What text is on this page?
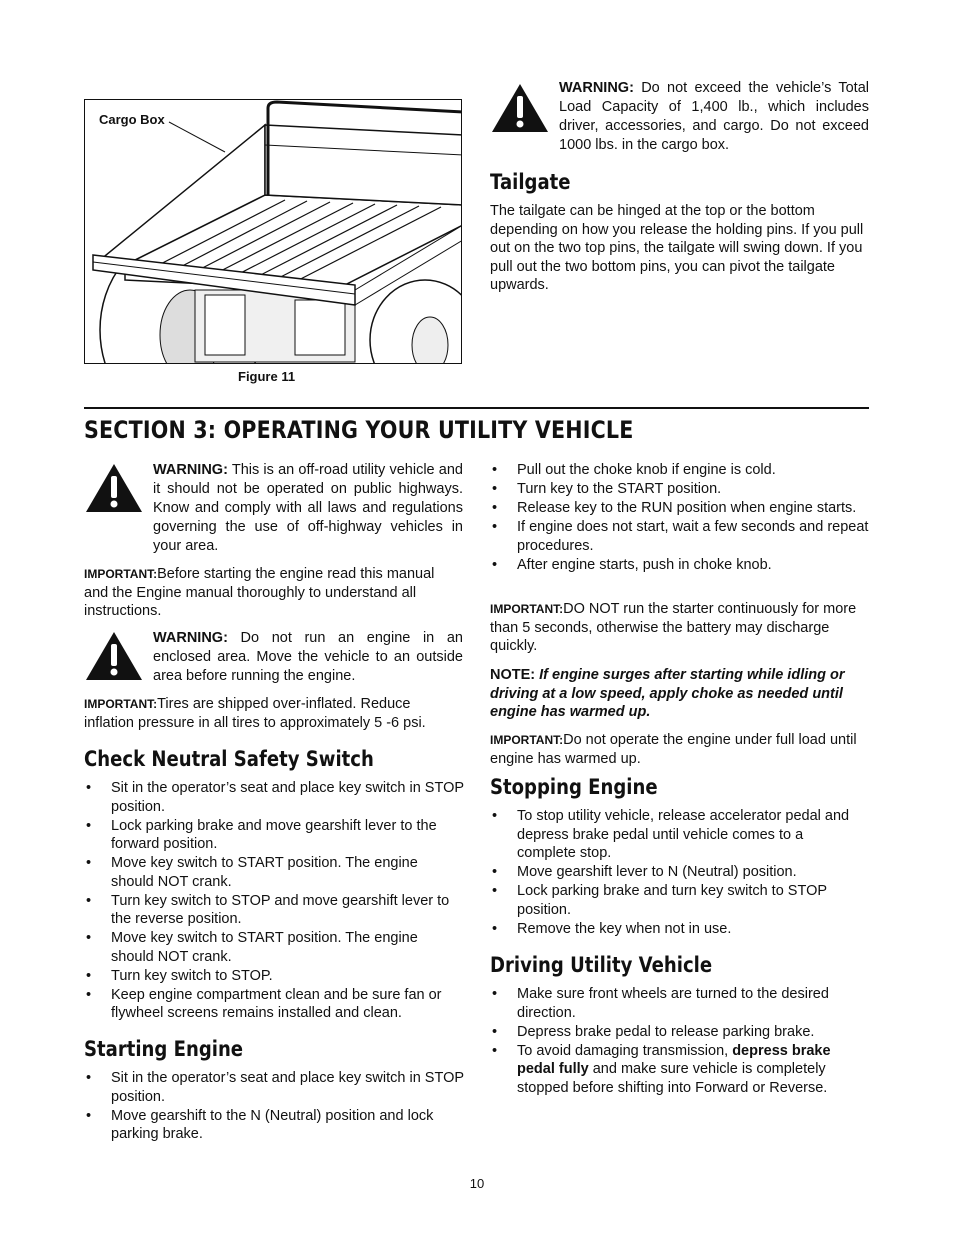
Cargo Box
Figure 11
WARNING: Do not exceed the vehicle’s Total Load Capacity of 1,400 lb., which includes driver, accessories, and cargo. Do not exceed 1000 lbs. in the cargo box.
Tailgate

The tailgate can be hinged at the top or the bottom depending on how you release the holding pins. If you pull out on the two top pins, the tailgate will swing down. If you pull out the two bottom pins, you can pivot the tailgate upwards.

SECTION 3: OPERATING YOUR UTILITY VEHICLE
WARNING: This is an off-road utility vehicle and it should not be operated on public highways. Know and comply with all laws and regulations governing the use of off-highway vehicles in your area.

IMPORTANT:Before starting the engine read this manual and the Engine manual thoroughly to understand all instructions.

WARNING: Do not run an engine in an enclosed area. Move the vehicle to an outside area before running the engine.

IMPORTANT:Tires are shipped over-inflated. Reduce inflation pressure in all tires to approximately 5 -6 psi.

Check Neutral Safety Switch
• Sit in the operator’s seat and place key switch in STOP position.
• Lock parking brake and move gearshift lever to the forward position.
• Move key switch to START position. The engine should NOT crank.
• Turn key switch to STOP and move gearshift lever to the reverse position.
• Move key switch to START position. The engine should NOT crank.
• Turn key switch to STOP.
• Keep engine compartment clean and be sure fan or flywheel screens remains installed and clean.
Starting Engine
• Sit in the operator’s seat and place key switch in STOP position.
• Move gearshift to the N (Neutral) position and lock parking brake.
• Pull out the choke knob if engine is cold.
• Turn key to the START position.
• Release key to the RUN position when engine starts.
• If engine does not start, wait a few seconds and repeat procedures.
• After engine starts, push in choke knob.

IMPORTANT:DO NOT run the starter continuously for more than 5 seconds, otherwise the battery may discharge quickly.

NOTE: If engine surges after starting while idling or driving at a low speed, apply choke as needed until engine has warmed up.

IMPORTANT:Do not operate the engine under full load until engine has warmed up.

Stopping Engine
• To stop utility vehicle, release accelerator pedal and depress brake pedal until vehicle comes to a complete stop.
• Move gearshift lever to N (Neutral) position.
• Lock parking brake and turn key switch to STOP position.
• Remove the key when not in use.
Driving Utility Vehicle
• Make sure front wheels are turned to the desired direction.
• Depress brake pedal to release parking brake.
• To avoid damaging transmission, depress brake pedal fully and make sure vehicle is completely stopped before shifting into Forward or Reverse.
10
